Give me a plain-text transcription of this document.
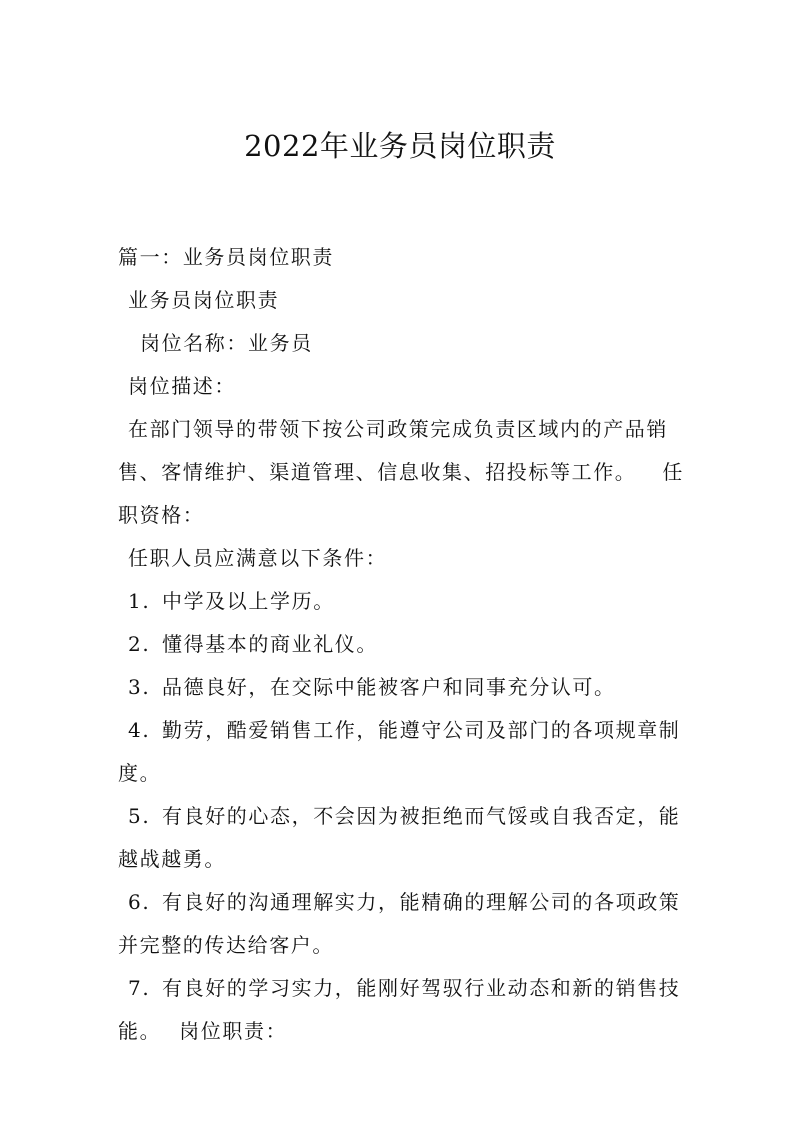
2022年业务员岗位职责
篇一：业务员岗位职责
业务员岗位职责
岗位名称：业务员
岗位描述：
在部门领导的带领下按公司政策完成负责区域内的产品销
售、客情维护、渠道管理、信息收集、招投标等工作。 任
职资格：
任职人员应满意以下条件：
1. 中学及以上学历。
2. 懂得基本的商业礼仪。
3. 品德良好，在交际中能被客户和同事充分认可。
4. 勤劳，酷爱销售工作，能遵守公司及部门的各项规章制
度。
5. 有良好的心态，不会因为被拒绝而气馁或自我否定，能
越战越勇。
6. 有良好的沟通理解实力，能精确的理解公司的各项政策
并完整的传达给客户。
7. 有良好的学习实力，能刚好驾驭行业动态和新的销售技
能。 岗位职责：
